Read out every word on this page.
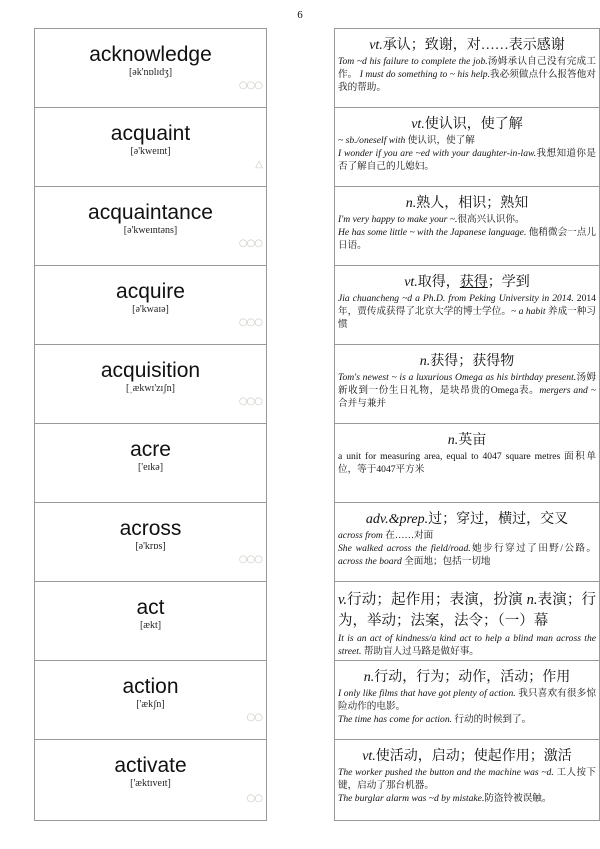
6
acknowledge
[ək'nɒlɪdʒ]
○○○
acquaint
[ə'kweɪnt]
△
acquaintance
[ə'kweɪntəns]
○○○
acquire
[ə'kwaɪə]
○○○
acquisition
[ˌækwɪ'zɪʃn]
○○○
acre
['eɪkə]
across
[ə'krɒs]
○○○
act
[ækt]
action
['ækʃn]
○○
activate
['æktɪveɪt]
○○
vt.承认；致谢，对……表示感谢
Tom ~d his failure to complete the job.汤姆承认自己没有完成工作。 I must do something to ~ his help.我必须做点什么报答他对我的帮助。
vt.使认识，使了解
~ sb./oneself with 使认识，使了解
I wonder if you are ~ed with your daughter-in-law.我想知道你是否了解自己的儿媳妇。
n.熟人，相识；熟知
I'm very happy to make your ~.很高兴认识你。
He has some little ~ with the Japanese language. 他稍微会一点儿日语。
vt.取得，获得；学到
Jia chuancheng ~d a Ph.D. from Peking University in 2014. 2014年，贾传成获得了北京大学的博士学位。~ a habit 养成一种习惯
n.获得；获得物
Tom's newest ~ is a luxurious Omega as his birthday present.汤姆新收到一份生日礼物，是块昂贵的Omega表。mergers and ~ 合并与兼并
n.英亩
a unit for measuring area, equal to 4047 square metres 面积单位，等于4047平方米
adv.&prep.过；穿过，横过，交叉
across from 在……对面
She walked across the field/road.她步行穿过了田野/公路。 across the board 全面地；包括一切地
v.行动；起作用；表演，扮演 n.表演；行为，举动；法案，法令；（一）幕
It is an act of kindness/a kind act to help a blind man across the street. 帮助盲人过马路是做好事。
n.行动，行为；动作，活动；作用
I only like films that have got plenty of action. 我只喜欢有很多惊险动作的电影。
The time has come for action. 行动的时候到了。
vt.使活动，启动；使起作用；激活
The worker pushed the button and the machine was ~d. 工人按下键，启动了那台机器。
The burglar alarm was ~d by mistake.防盗铃被误触。
